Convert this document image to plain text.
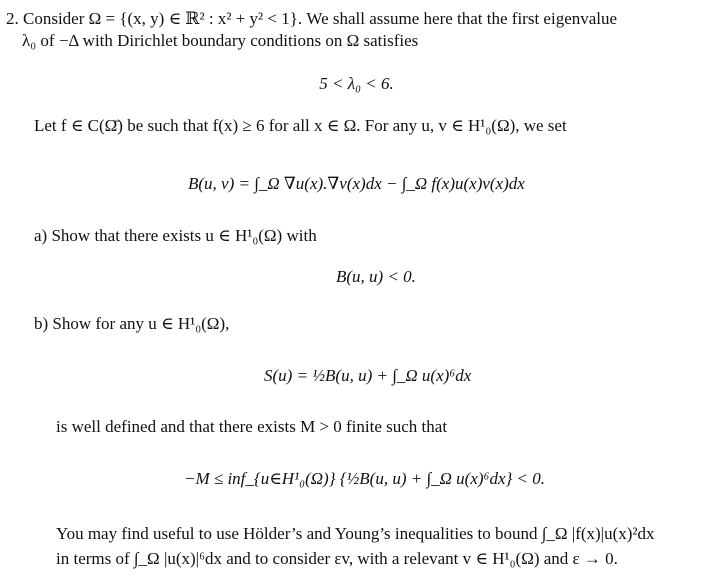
2. Consider Ω = {(x, y) ∈ ℝ² : x² + y² < 1}. We shall assume here that the first eigenvalue
λ₀ of −Δ with Dirichlet boundary conditions on Ω satisfies
5 < λ₀ < 6.
Let f ∈ C(Ω̄) be such that f(x) ≥ 6 for all x ∈ Ω. For any u, v ∈ H¹₀(Ω), we set
B(u, v) = ∫_Ω ∇u(x).∇v(x)dx − ∫_Ω f(x)u(x)v(x)dx
a) Show that there exists u ∈ H¹₀(Ω) with
B(u, u) < 0.
b) Show for any u ∈ H¹₀(Ω),
S(u) = ½B(u, u) + ∫_Ω u(x)⁶dx
is well defined and that there exists M > 0 finite such that
−M ≤ inf_{u∈H¹₀(Ω)} {½B(u, u) + ∫_Ω u(x)⁶dx} < 0.
You may find useful to use Hölder’s and Young’s inequalities to bound ∫_Ω |f(x)|u(x)²dx
in terms of ∫_Ω |u(x)|⁶dx and to consider εv, with a relevant v ∈ H¹₀(Ω) and ε → 0.
